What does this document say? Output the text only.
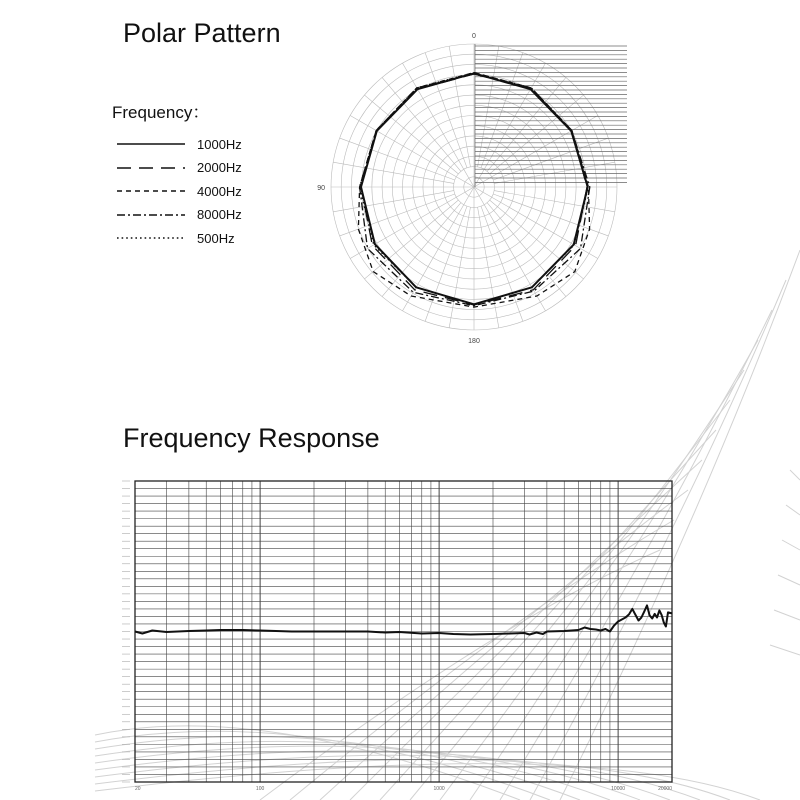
Polar Pattern
Frequency：
1000Hz
2000Hz
4000Hz
8000Hz
500Hz
0
90
180
Frequency Response
20	100	1000	10000	20000
